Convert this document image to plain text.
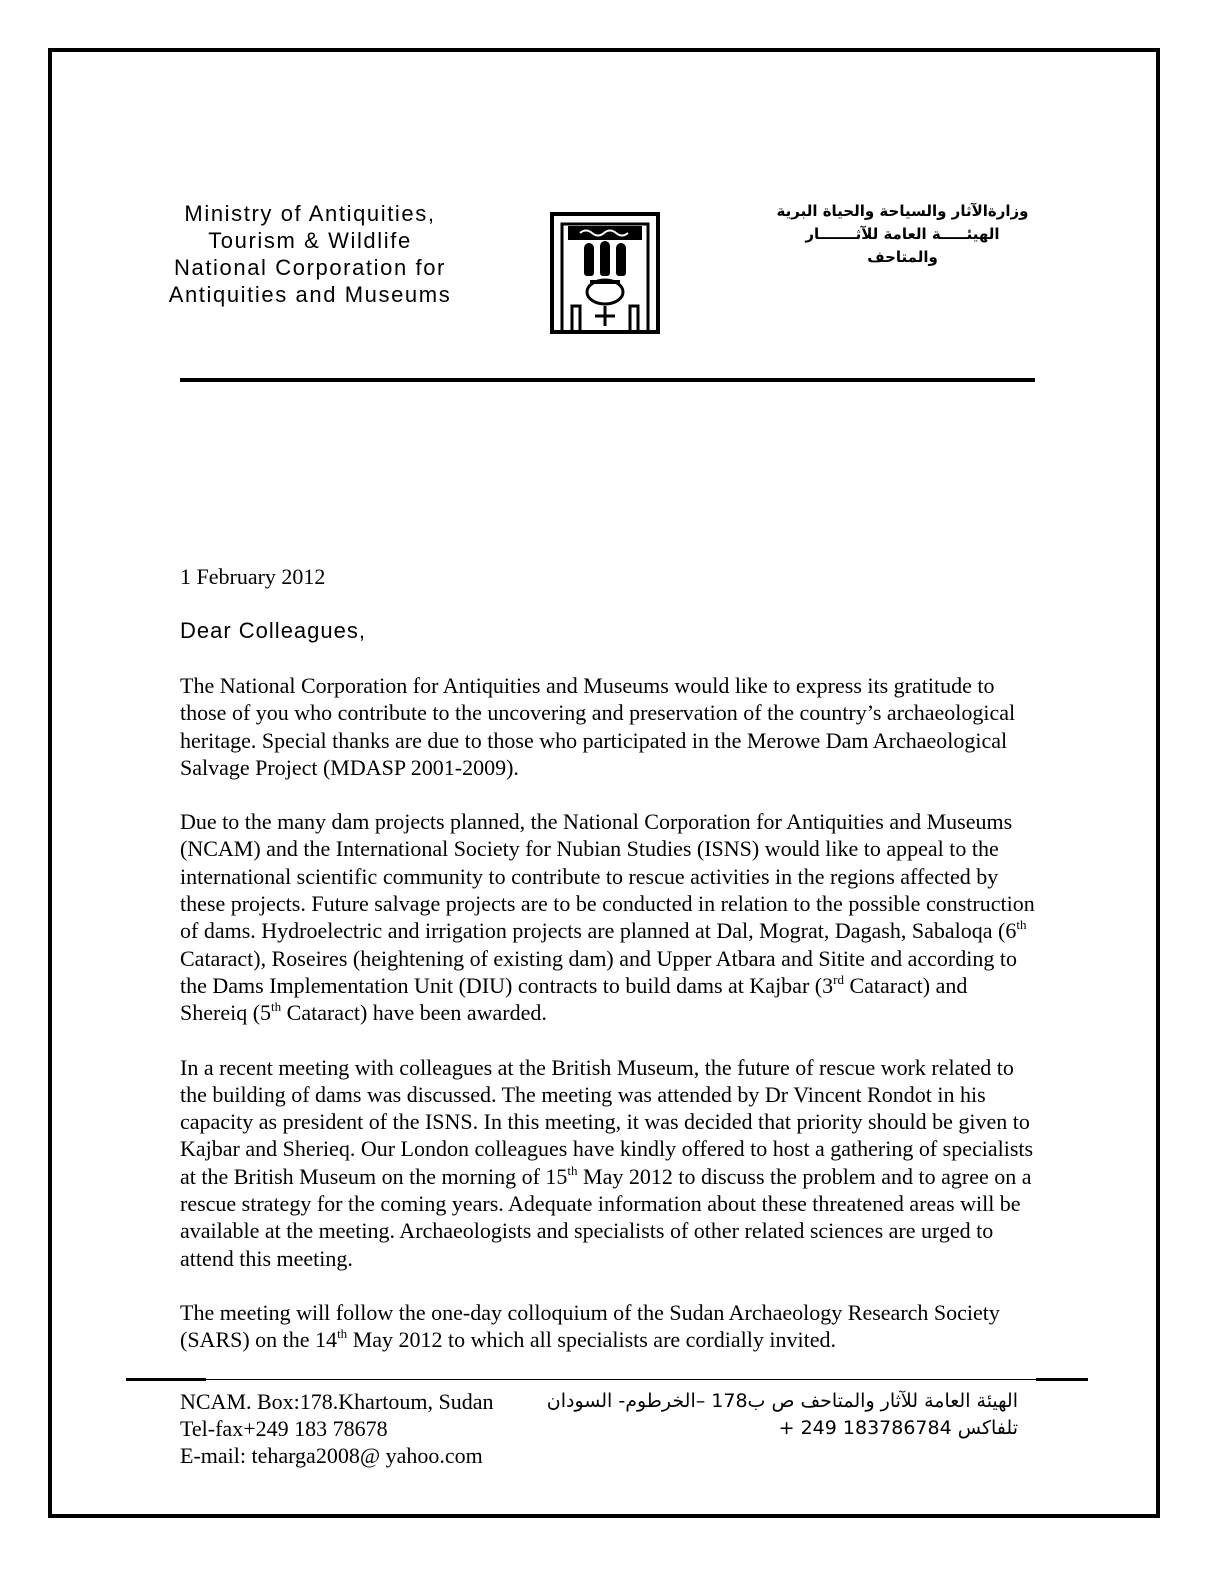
Ministry of Antiquities,
Tourism & Wildlife
National Corporation for
Antiquities and Museums
وزارةالآثار والسياحة والحياة البرية
الهيئـــــة العامة للآثـــــــار
والمتاحف
1 February 2012
Dear Colleagues,

The National Corporation for Antiquities and Museums would like to express its gratitude to those of you who contribute to the uncovering and preservation of the country’s archaeological heritage. Special thanks are due to those who participated in the Merowe Dam Archaeological Salvage Project (MDASP 2001-2009).

Due to the many dam projects planned, the National Corporation for Antiquities and Museums (NCAM) and the International Society for Nubian Studies (ISNS) would like to appeal to the international scientific community to contribute to rescue activities in the regions affected by these projects. Future salvage projects are to be conducted in relation to the possible construction of dams. Hydroelectric and irrigation projects are planned at Dal, Mograt, Dagash, Sabaloqa (6th Cataract), Roseires (heightening of existing dam) and Upper Atbara and Sitite and according to the Dams Implementation Unit (DIU) contracts to build dams at Kajbar (3rd Cataract) and Shereiq (5th Cataract) have been awarded.

In a recent meeting with colleagues at the British Museum, the future of rescue work related to the building of dams was discussed. The meeting was attended by Dr Vincent Rondot in his capacity as president of the ISNS. In this meeting, it was decided that priority should be given to Kajbar and Sherieq. Our London colleagues have kindly offered to host a gathering of specialists at the British Museum on the morning of 15th May 2012 to discuss the problem and to agree on a rescue strategy for the coming years. Adequate information about these threatened areas will be available at the meeting. Archaeologists and specialists of other related sciences are urged to attend this meeting.

The meeting will follow the one-day colloquium of the Sudan Archaeology Research Society (SARS) on the 14th May 2012 to which all specialists are cordially invited.

NCAM. Box:178.Khartoum, Sudan
Tel-fax+249 183 78678
E-mail: teharga2008@ yahoo.com
الهيئة العامة للآثار والمتاحف ص ب178 –الخرطوم- السودان
تلفاكس 183786784 249 +
